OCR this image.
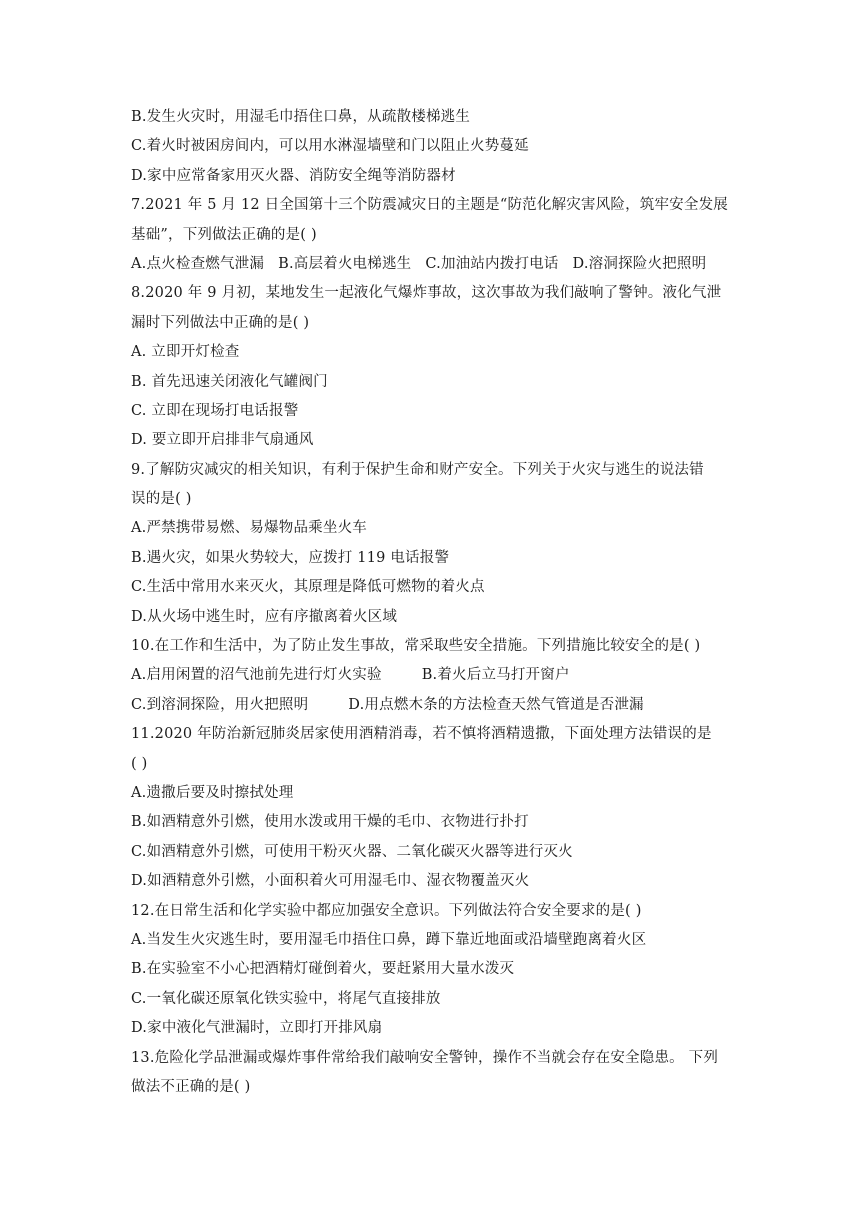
B.发生火灾时，用湿毛巾捂住口鼻，从疏散楼梯逃生
C.着火时被困房间内，可以用水淋湿墙壁和门以阻止火势蔓延
D.家中应常备家用灭火器、消防安全绳等消防器材
7.2021 年 5 月 12 日全国第十三个防震减灾日的主题是“防范化解灾害风险，筑牢安全发展
基础”，下列做法正确的是( )
A.点火检查燃气泄漏 B.高层着火电梯逃生 C.加油站内拨打电话 D.溶洞探险火把照明
8.2020 年 9 月初，某地发生一起液化气爆炸事故，这次事故为我们敲响了警钟。液化气泄
漏时下列做法中正确的是( )
A. 立即开灯检查
B. 首先迅速关闭液化气罐阀门
C. 立即在现场打电话报警
D. 要立即开启排非气扇通风
9.了解防灾减灾的相关知识，有利于保护生命和财产安全。下列关于火灾与逃生的说法错
误的是( )
A.严禁携带易燃、易爆物品乘坐火车
B.遇火灾，如果火势较大，应拨打 119 电话报警
C.生活中常用水来灭火，其原理是降低可燃物的着火点
D.从火场中逃生时，应有序撤离着火区域
10.在工作和生活中，为了防止发生事故，常采取些安全措施。下列措施比较安全的是( )
A.启用闲置的沼气池前先进行灯火实验	B.着火后立马打开窗户
C.到溶洞探险，用火把照明	D.用点燃木条的方法检查天然气管道是否泄漏
11.2020 年防治新冠肺炎居家使用酒精消毒，若不慎将酒精遗撒，下面处理方法错误的是
( )
A.遗撒后要及时擦拭处理
B.如酒精意外引燃，使用水泼或用干燥的毛巾、衣物进行扑打
C.如酒精意外引燃，可使用干粉灭火器、二氧化碳灭火器等进行灭火
D.如酒精意外引燃，小面积着火可用湿毛巾、湿衣物覆盖灭火
12.在日常生活和化学实验中都应加强安全意识。下列做法符合安全要求的是( )
A.当发生火灾逃生时，要用湿毛巾捂住口鼻，蹲下靠近地面或沿墙壁跑离着火区
B.在实验室不小心把酒精灯碰倒着火，要赶紧用大量水泼灭
C.一氧化碳还原氧化铁实验中，将尾气直接排放
D.家中液化气泄漏时，立即打开排风扇
13.危险化学品泄漏或爆炸事件常给我们敲响安全警钟，操作不当就会存在安全隐患。 下列
做法不正确的是( )
